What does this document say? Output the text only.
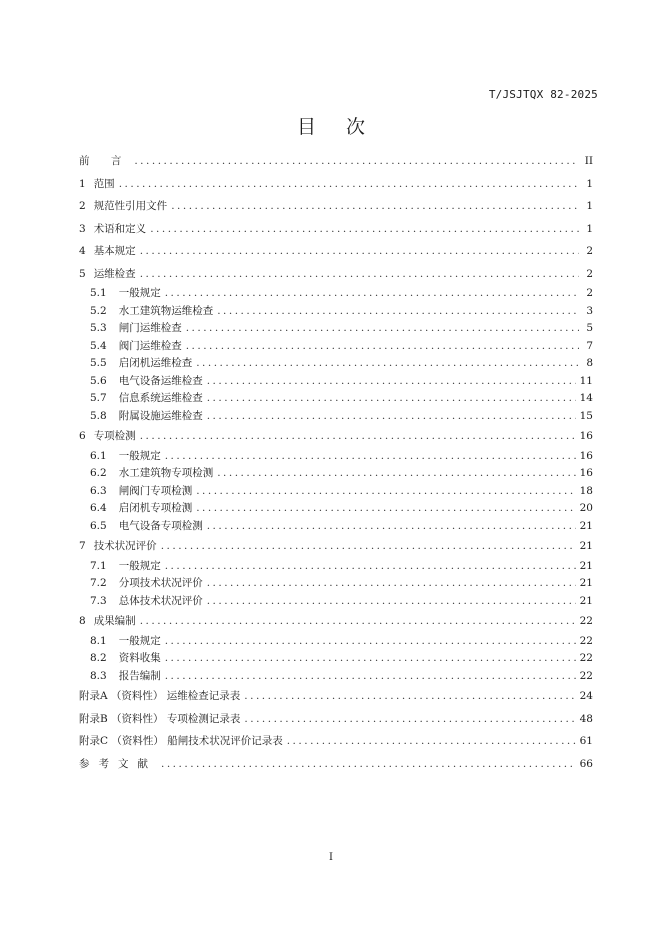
T/JSJTQX 82-2025
目 次
前 言 .....	II
1 范围 .....	1
2 规范性引用文件 .....	1
3 术语和定义 .....	1
4 基本规定 .....	2
5 运维检查 .....	2
5.1 一般规定 .....	2
5.2 水工建筑物运维检查 .....	3
5.3 闸门运维检查 .....	5
5.4 阀门运维检查 .....	7
5.5 启闭机运维检查 .....	8
5.6 电气设备运维检查 .....	11
5.7 信息系统运维检查 .....	14
5.8 附属设施运维检查 .....	15
6 专项检测 .....	16
6.1 一般规定 .....	16
6.2 水工建筑物专项检测 .....	16
6.3 闸阀门专项检测 .....	18
6.4 启闭机专项检测 .....	20
6.5 电气设备专项检测 .....	21
7 技术状况评价 .....	21
7.1 一般规定 .....	21
7.2 分项技术状况评价 .....	21
7.3 总体技术状况评价 .....	21
8 成果编制 .....	22
8.1 一般规定 .....	22
8.2 资料收集 .....	22
8.3 报告编制 .....	22
附录A （资料性） 运维检查记录表 .....	24
附录B （资料性） 专项检测记录表 .....	48
附录C （资料性） 船闸技术状况评价记录表 .....	61
参考文献 .....	66
I
